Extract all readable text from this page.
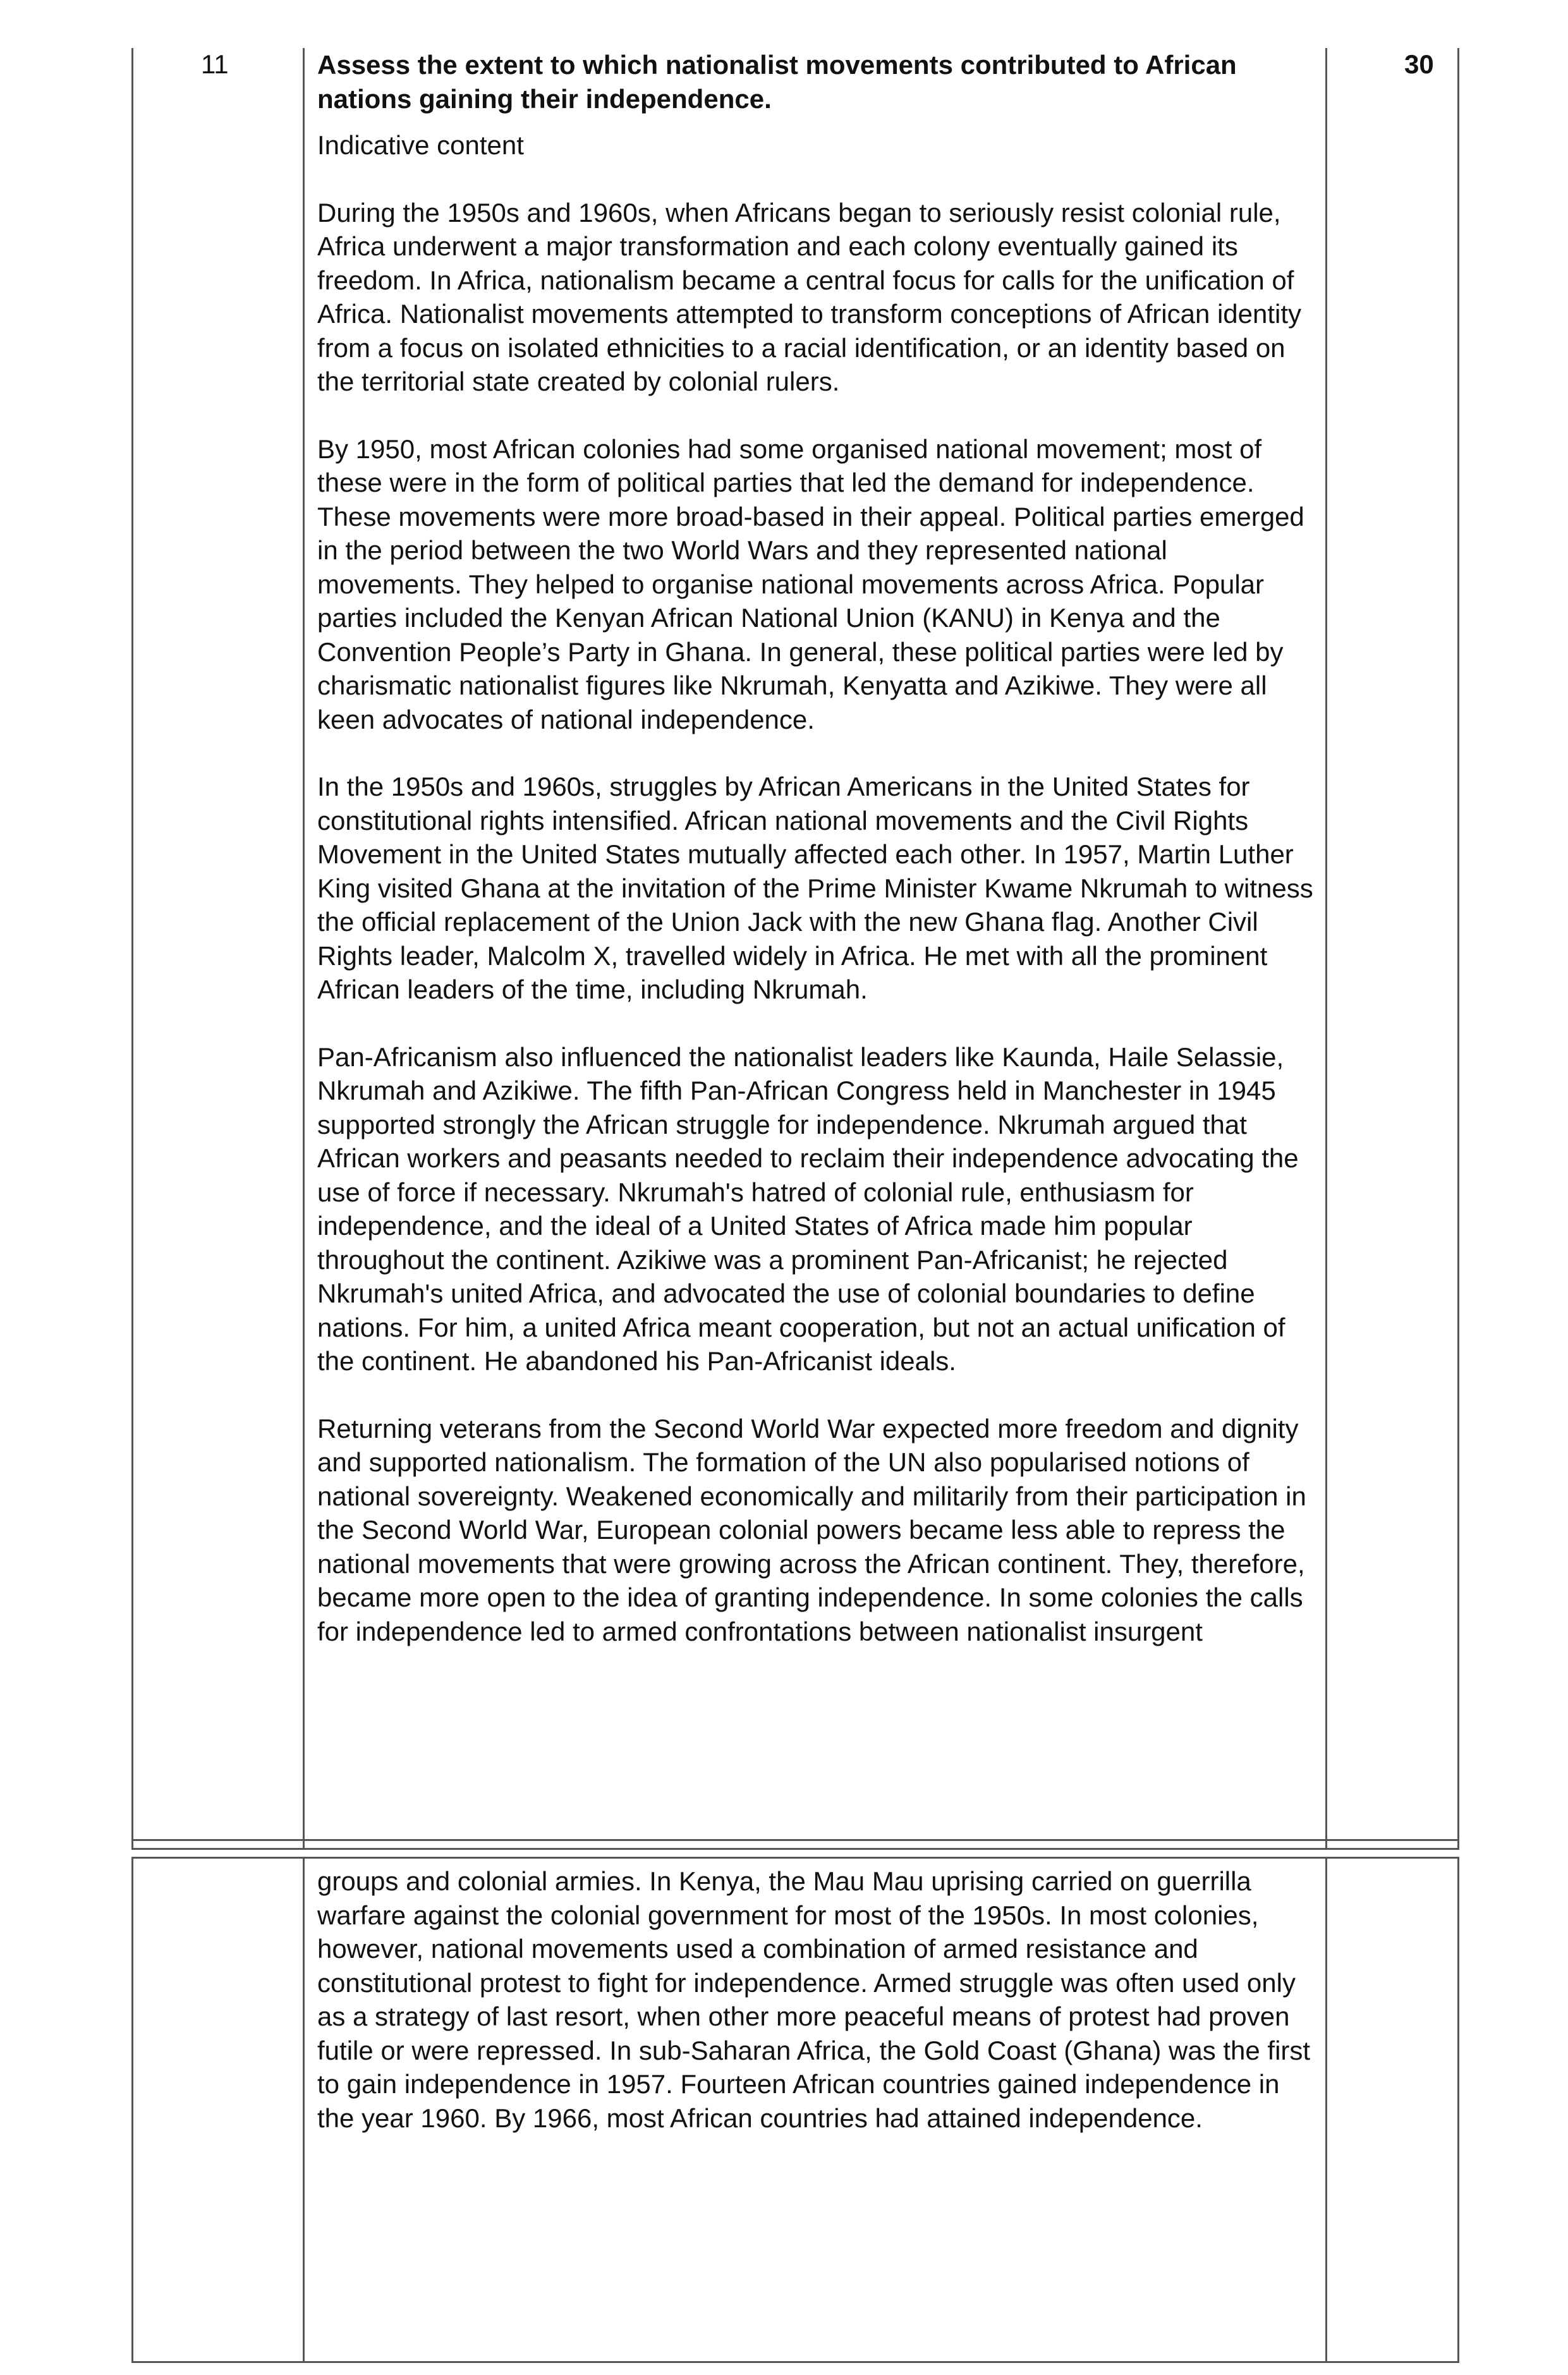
11	30

Assess the extent to which nationalist movements contributed to African nations gaining their independence.

Indicative content

During the 1950s and 1960s, when Africans began to seriously resist colonial rule, Africa underwent a major transformation and each colony eventually gained its freedom. In Africa, nationalism became a central focus for calls for the unification of Africa. Nationalist movements attempted to transform conceptions of African identity from a focus on isolated ethnicities to a racial identification, or an identity based on the territorial state created by colonial rulers.

By 1950, most African colonies had some organised national movement; most of these were in the form of political parties that led the demand for independence. These movements were more broad-based in their appeal. Political parties emerged in the period between the two World Wars and they represented national movements. They helped to organise national movements across Africa. Popular parties included the Kenyan African National Union (KANU) in Kenya and the Convention People’s Party in Ghana. In general, these political parties were led by charismatic nationalist figures like Nkrumah, Kenyatta and Azikiwe. They were all keen advocates of national independence.

In the 1950s and 1960s, struggles by African Americans in the United States for constitutional rights intensified. African national movements and the Civil Rights Movement in the United States mutually affected each other. In 1957, Martin Luther King visited Ghana at the invitation of the Prime Minister Kwame Nkrumah to witness the official replacement of the Union Jack with the new Ghana flag. Another Civil Rights leader, Malcolm X, travelled widely in Africa. He met with all the prominent African leaders of the time, including Nkrumah.

Pan-Africanism also influenced the nationalist leaders like Kaunda, Haile Selassie, Nkrumah and Azikiwe. The fifth Pan-African Congress held in Manchester in 1945 supported strongly the African struggle for independence. Nkrumah argued that African workers and peasants needed to reclaim their independence advocating the use of force if necessary. Nkrumah's hatred of colonial rule, enthusiasm for independence, and the ideal of a United States of Africa made him popular throughout the continent. Azikiwe was a prominent Pan-Africanist; he rejected Nkrumah's united Africa, and advocated the use of colonial boundaries to define nations. For him, a united Africa meant cooperation, but not an actual unification of the continent. He abandoned his Pan-Africanist ideals.

Returning veterans from the Second World War expected more freedom and dignity and supported nationalism. The formation of the UN also popularised notions of national sovereignty. Weakened economically and militarily from their participation in the Second World War, European colonial powers became less able to repress the national movements that were growing across the African continent. They, therefore, became more open to the idea of granting independence. In some colonies the calls for independence led to armed confrontations between nationalist insurgent

groups and colonial armies. In Kenya, the Mau Mau uprising carried on guerrilla warfare against the colonial government for most of the 1950s. In most colonies, however, national movements used a combination of armed resistance and constitutional protest to fight for independence. Armed struggle was often used only as a strategy of last resort, when other more peaceful means of protest had proven futile or were repressed. In sub-Saharan Africa, the Gold Coast (Ghana) was the first to gain independence in 1957. Fourteen African countries gained independence in the year 1960. By 1966, most African countries had attained independence.
